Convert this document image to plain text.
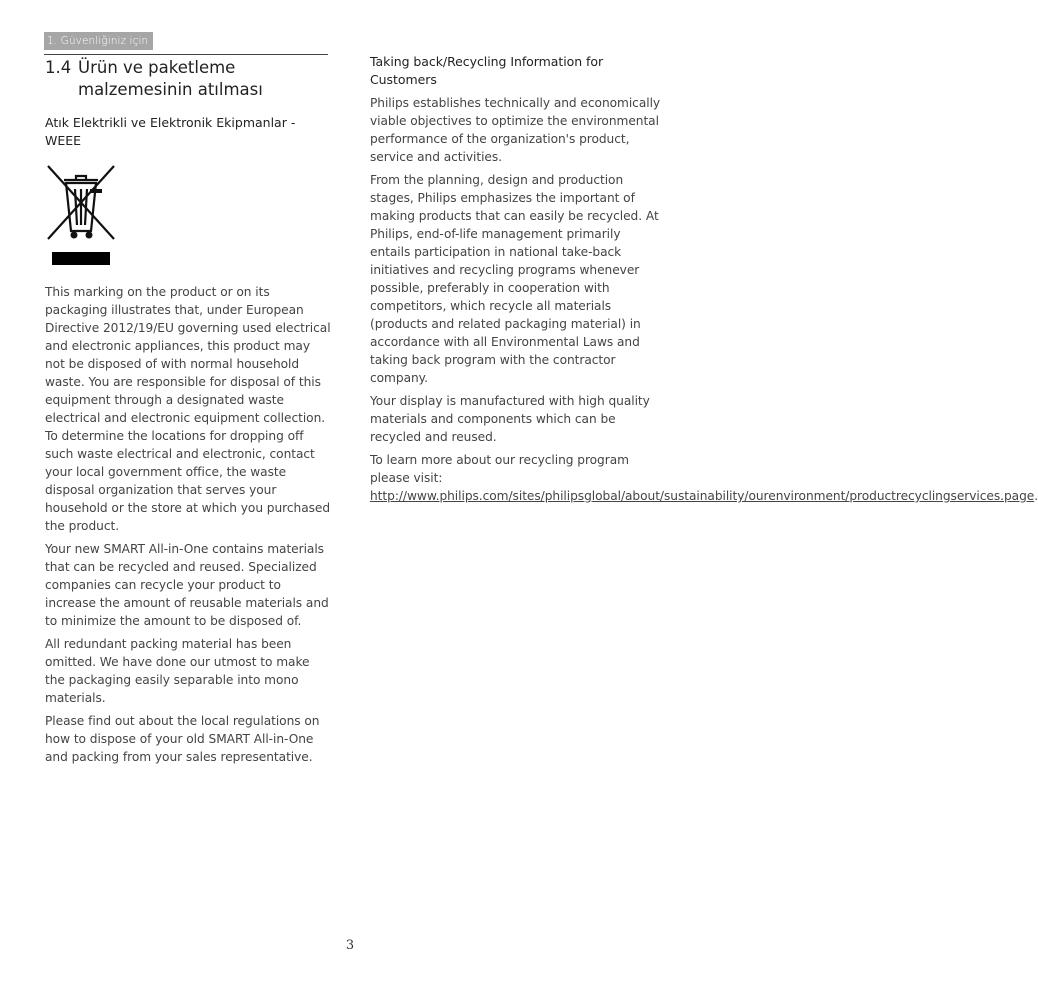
1. Güvenliğiniz için
1.4 Ürün ve paketleme malzemesinin atılması
Atık Elektrikli ve Elektronik Ekipmanlar - WEEE

This marking on the product or on its packaging illustrates that, under European Directive 2012/19/EU governing used electrical and electronic appliances, this product may not be disposed of with normal household waste. You are responsible for disposal of this equipment through a designated waste electrical and electronic equipment collection. To determine the locations for dropping off such waste electrical and electronic, contact your local government office, the waste disposal organization that serves your household or the store at which you purchased the product.

Your new SMART All-in-One contains materials that can be recycled and reused. Specialized companies can recycle your product to increase the amount of reusable materials and to minimize the amount to be disposed of.

All redundant packing material has been omitted. We have done our utmost to make the packaging easily separable into mono materials.

Please find out about the local regulations on how to dispose of your old SMART All-in-One and packing from your sales representative.

Taking back/Recycling Information for Customers

Philips establishes technically and economically viable objectives to optimize the environmental performance of the organization's product, service and activities.

From the planning, design and production stages, Philips emphasizes the important of making products that can easily be recycled. At Philips, end-of-life management primarily entails participation in national take-back initiatives and recycling programs whenever possible, preferably in cooperation with competitors, which recycle all materials (products and related packaging material) in accordance with all Environmental Laws and taking back program with the contractor company.

Your display is manufactured with high quality materials and components which can be recycled and reused.

To learn more about our recycling program please visit: http://www.philips.com/sites/philipsglobal/about/sustainability/ourenvironment/productrecyclingservices.page.

3
